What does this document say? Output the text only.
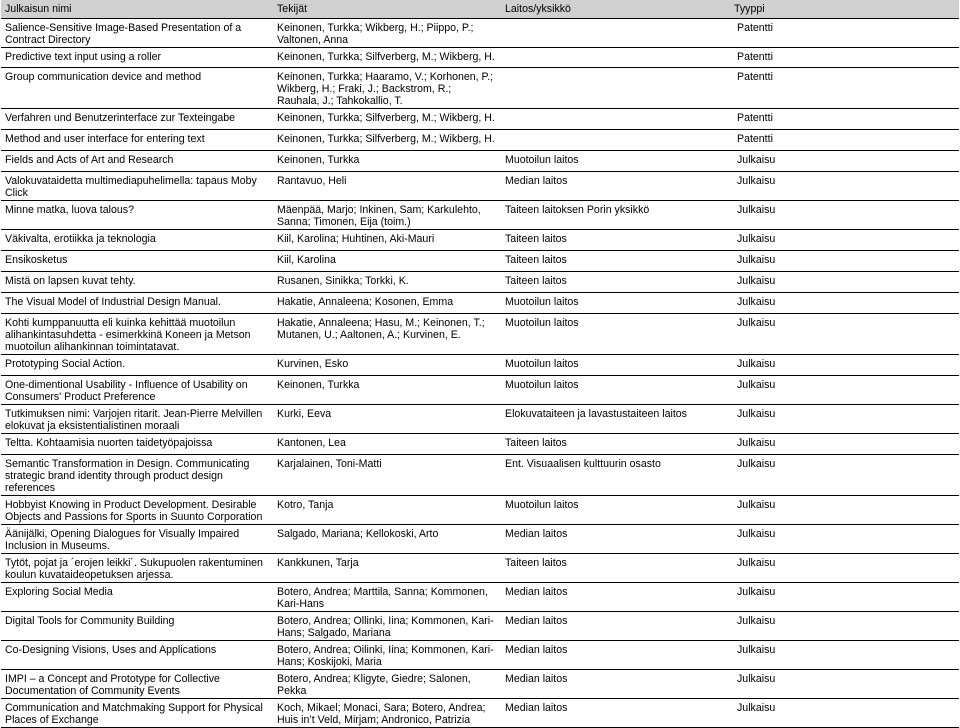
Julkaisun nimi	Tekijät	Laitos/yksikkö	Tyyppi
Salience-Sensitive Image-Based Presentation of a Contract Directory	Keinonen, Turkka; Wikberg, H.; Piippo, P.; Valtonen, Anna		Patentti
Predictive text input using a roller	Keinonen, Turkka; Silfverberg, M.; Wikberg, H.		Patentti
Group communication device and method	Keinonen, Turkka; Haaramo, V.; Korhonen, P.; Wikberg, H.; Fraki, J.; Backstrom, R.; Rauhala, J.; Tahkokallio, T.		Patentti
Verfahren und Benutzerinterface zur Texteingabe	Keinonen, Turkka; Silfverberg, M.; Wikberg, H.		Patentti
Method and user interface for entering text	Keinonen, Turkka; Silfverberg, M.; Wikberg, H.		Patentti
Fields and Acts of Art and Research	Keinonen, Turkka	Muotoilun laitos	Julkaisu
Valokuvataidetta multimediapuhelimella: tapaus Moby Click	Rantavuo, Heli	Median laitos	Julkaisu
Minne matka, luova talous?	Mäenpää, Marjo; Inkinen, Sam; Karkulehto, Sanna; Timonen, Eija (toim.)	Taiteen laitoksen Porin yksikkö	Julkaisu
Väkivalta, erotiikka ja teknologia	Kiil, Karolina; Huhtinen, Aki-Mauri	Taiteen laitos	Julkaisu
Ensikosketus	Kiil, Karolina	Taiteen laitos	Julkaisu
Mistä on lapsen kuvat tehty.	Rusanen, Sinikka; Torkki, K.	Taiteen laitos	Julkaisu
The Visual Model of Industrial Design Manual.	Hakatie, Annaleena; Kosonen, Emma	Muotoilun laitos	Julkaisu
Kohti kumppanuutta eli kuinka kehittää muotoilun alihankintasuhdetta - esimerkkinä Koneen ja Metson muotoilun alihankinnan toimintatavat.	Hakatie, Annaleena; Hasu, M.; Keinonen, T.; Mutanen, U.; Aaltonen, A.; Kurvinen, E.	Muotoilun laitos	Julkaisu
Prototyping Social Action.	Kurvinen, Esko	Muotoilun laitos	Julkaisu
One-dimentional Usability - Influence of Usability on Consumers' Product Preference	Keinonen, Turkka	Muotoilun laitos	Julkaisu
Tutkimuksen nimi: Varjojen ritarit. Jean-Pierre Melvillen elokuvat ja eksistentialistinen moraali	Kurki, Eeva	Elokuvataiteen ja lavastustaiteen laitos	Julkaisu
Teltta. Kohtaamisia nuorten taidetyöpajoissa	Kantonen, Lea	Taiteen laitos	Julkaisu
Semantic Transformation in Design. Communicating strategic brand identity through product design references	Karjalainen, Toni-Matti	Ent. Visuaalisen kulttuurin osasto	Julkaisu
Hobbyist Knowing in Product Development. Desirable Objects and Passions for Sports in Suunto Corporation	Kotro, Tanja	Muotoilun laitos	Julkaisu
Äänijälki, Opening Dialogues for Visually Impaired Inclusion in Museums.	Salgado, Mariana; Kellokoski, Arto	Median laitos	Julkaisu
Tytöt, pojat ja ´erojen leikki´. Sukupuolen rakentuminen koulun kuvataideopetuksen arjessa.	Kankkunen, Tarja	Taiteen laitos	Julkaisu
Exploring Social Media	Botero, Andrea; Marttila, Sanna; Kommonen, Kari-Hans	Median laitos	Julkaisu
Digital Tools for Community Building	Botero, Andrea; Ollinki, Iina; Kommonen, Kari-Hans; Salgado, Mariana	Median laitos	Julkaisu
Co-Designing Visions, Uses and Applications	Botero, Andrea; Oilinki, Iina; Kommonen, Kari-Hans; Koskijoki, Maria	Median laitos	Julkaisu
IMPI – a Concept and Prototype for Collective Documentation of Community Events	Botero, Andrea; Kligyte, Giedre; Salonen, Pekka	Median laitos	Julkaisu
Communication and Matchmaking Support for Physical Places of Exchange	Koch, Mikael; Monaci, Sara; Botero, Andrea; Huis in’t Veld, Mirjam; Andronico, Patrizia	Median laitos	Julkaisu
